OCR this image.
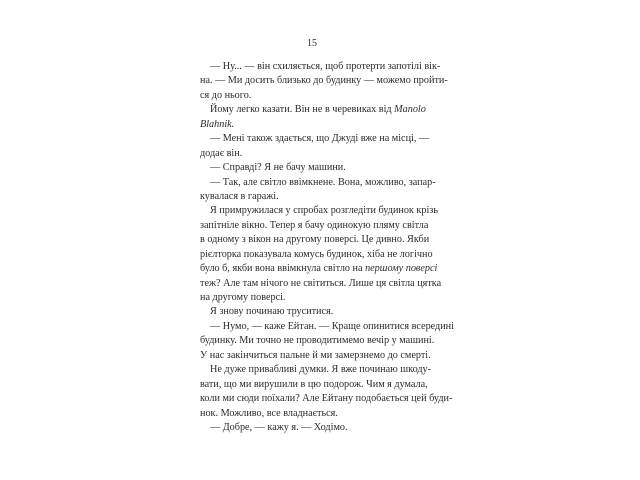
15
— Ну... — він схиляється, щоб протерти запотілі вік-
на. — Ми досить близько до будинку — можемо пройти-
ся до нього.
Йому легко казати. Він не в черевиках від Manolo
Blahnik.
— Мені також здається, що Джуді вже на місці, —
додає він.
— Справді? Я не бачу машини.
— Так, але світло ввімкнене. Вона, можливо, запар-
кувалася в гаражі.
Я примружилася у спробах розгледіти будинок крізь
запітніле вікно. Тепер я бачу одинокую пляму світла
в одному з вікон на другому поверсі. Це дивно. Якби
рієлторка показувала комусь будинок, хіба не логічно
було б, якби вона ввімкнула світло на першому поверсі
теж? Але там нічого не світиться. Лише ця світла цятка
на другому поверсі.
Я знову починаю труситися.
— Нумо, — каже Ейтан. — Краще опинитися всередині
будинку. Ми точно не проводитимемо вечір у машині.
У нас закінчиться пальне й ми замерзнемо до смерті.
Не дуже привабливі думки. Я вже починаю шкоду-
вати, що ми вирушили в цю подорож. Чим я думала,
коли ми сюди поїхали? Але Ейтану подобається цей буди-
нок. Можливо, все владнається.
— Добре, — кажу я. — Ходімо.
